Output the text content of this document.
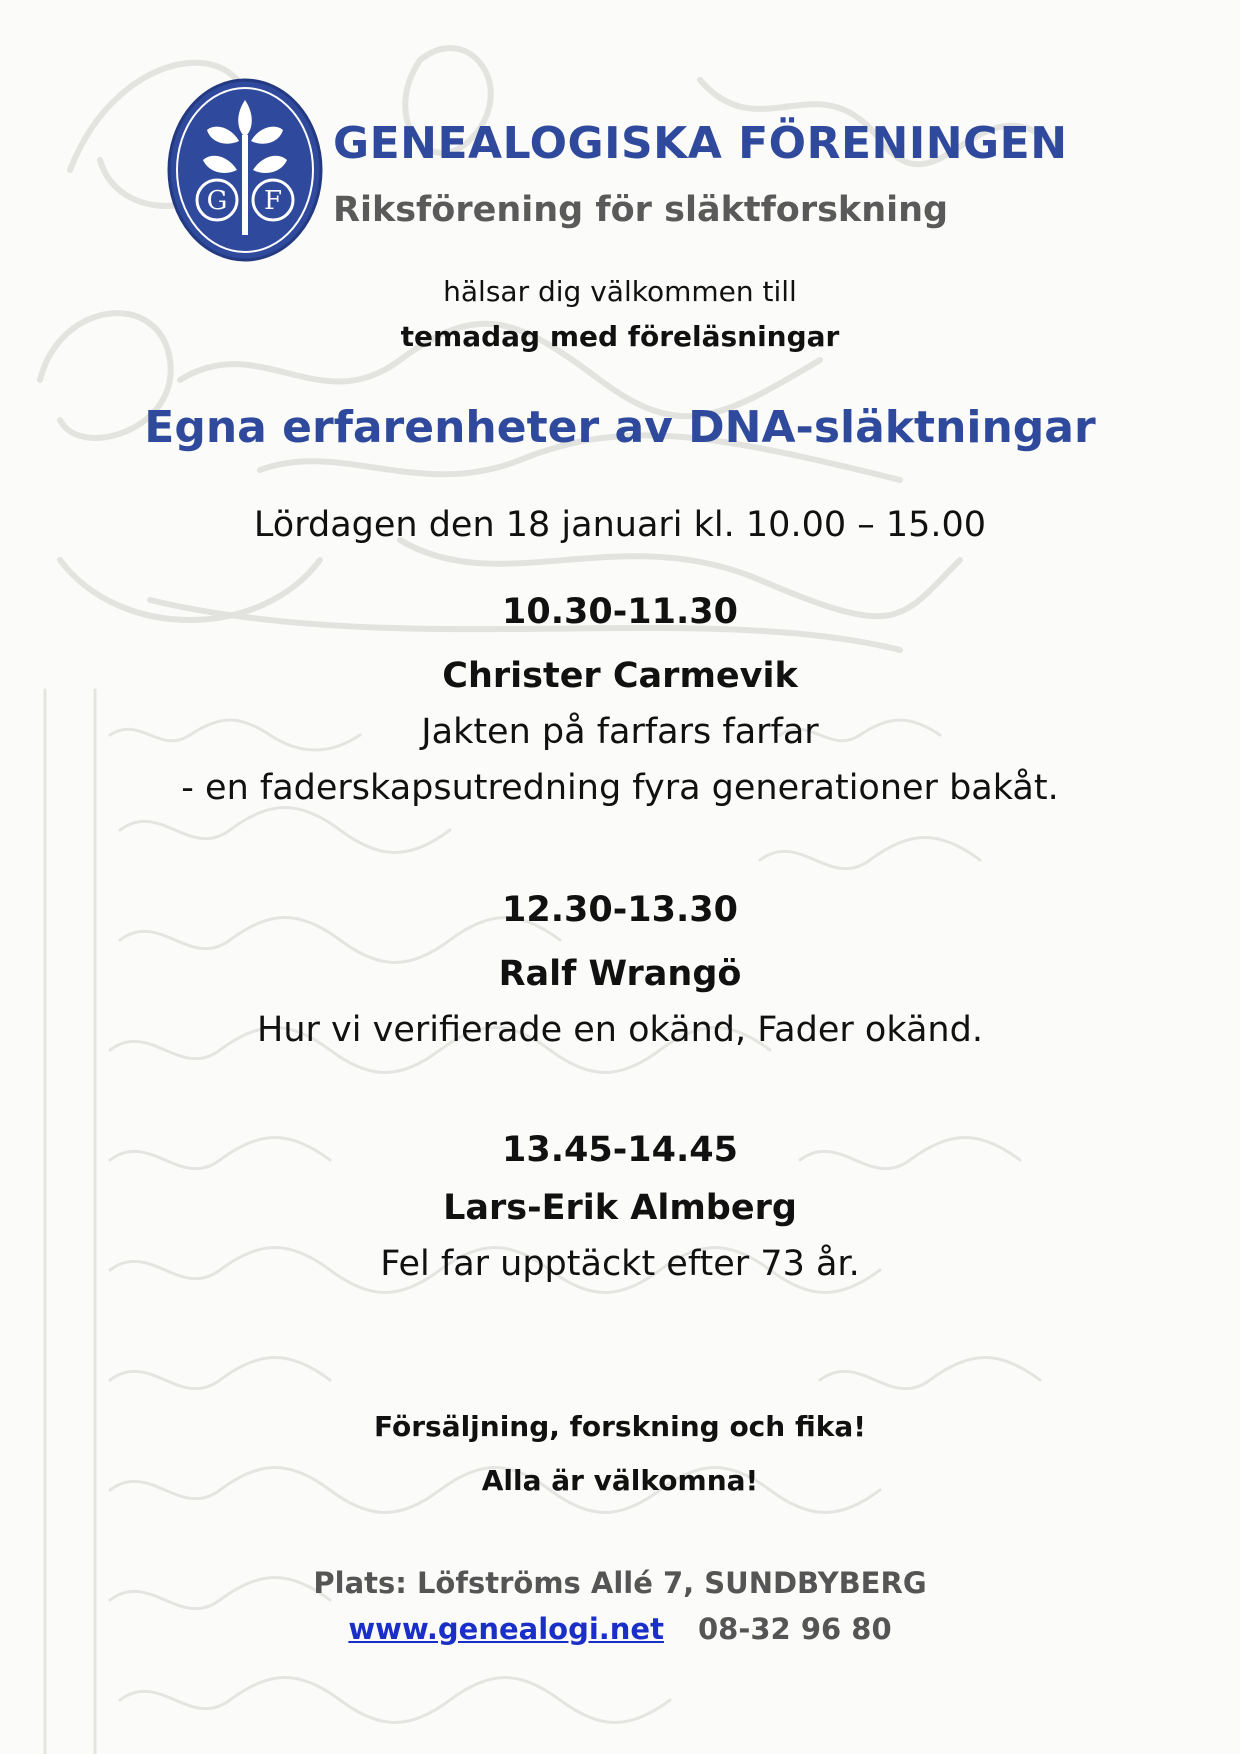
G F
GENEALOGISKA FÖRENINGEN

Riksförening för släktforskning

hälsar dig välkommen till

temadag med föreläsningar

Egna erfarenheter av DNA-släktningar

Lördagen den 18 januari kl. 10.00 – 15.00

10.30-11.30

Christer Carmevik

Jakten på farfars farfar

- en faderskapsutredning fyra generationer bakåt.

12.30-13.30

Ralf Wrangö

Hur vi verifierade en okänd, Fader okänd.

13.45-14.45

Lars-Erik Almberg

Fel far upptäckt efter 73 år.

Försäljning, forskning och fika!

Alla är välkomna!

Plats: Löfströms Allé 7, SUNDBYBERG

www.genealogi.net 08-32 96 80
